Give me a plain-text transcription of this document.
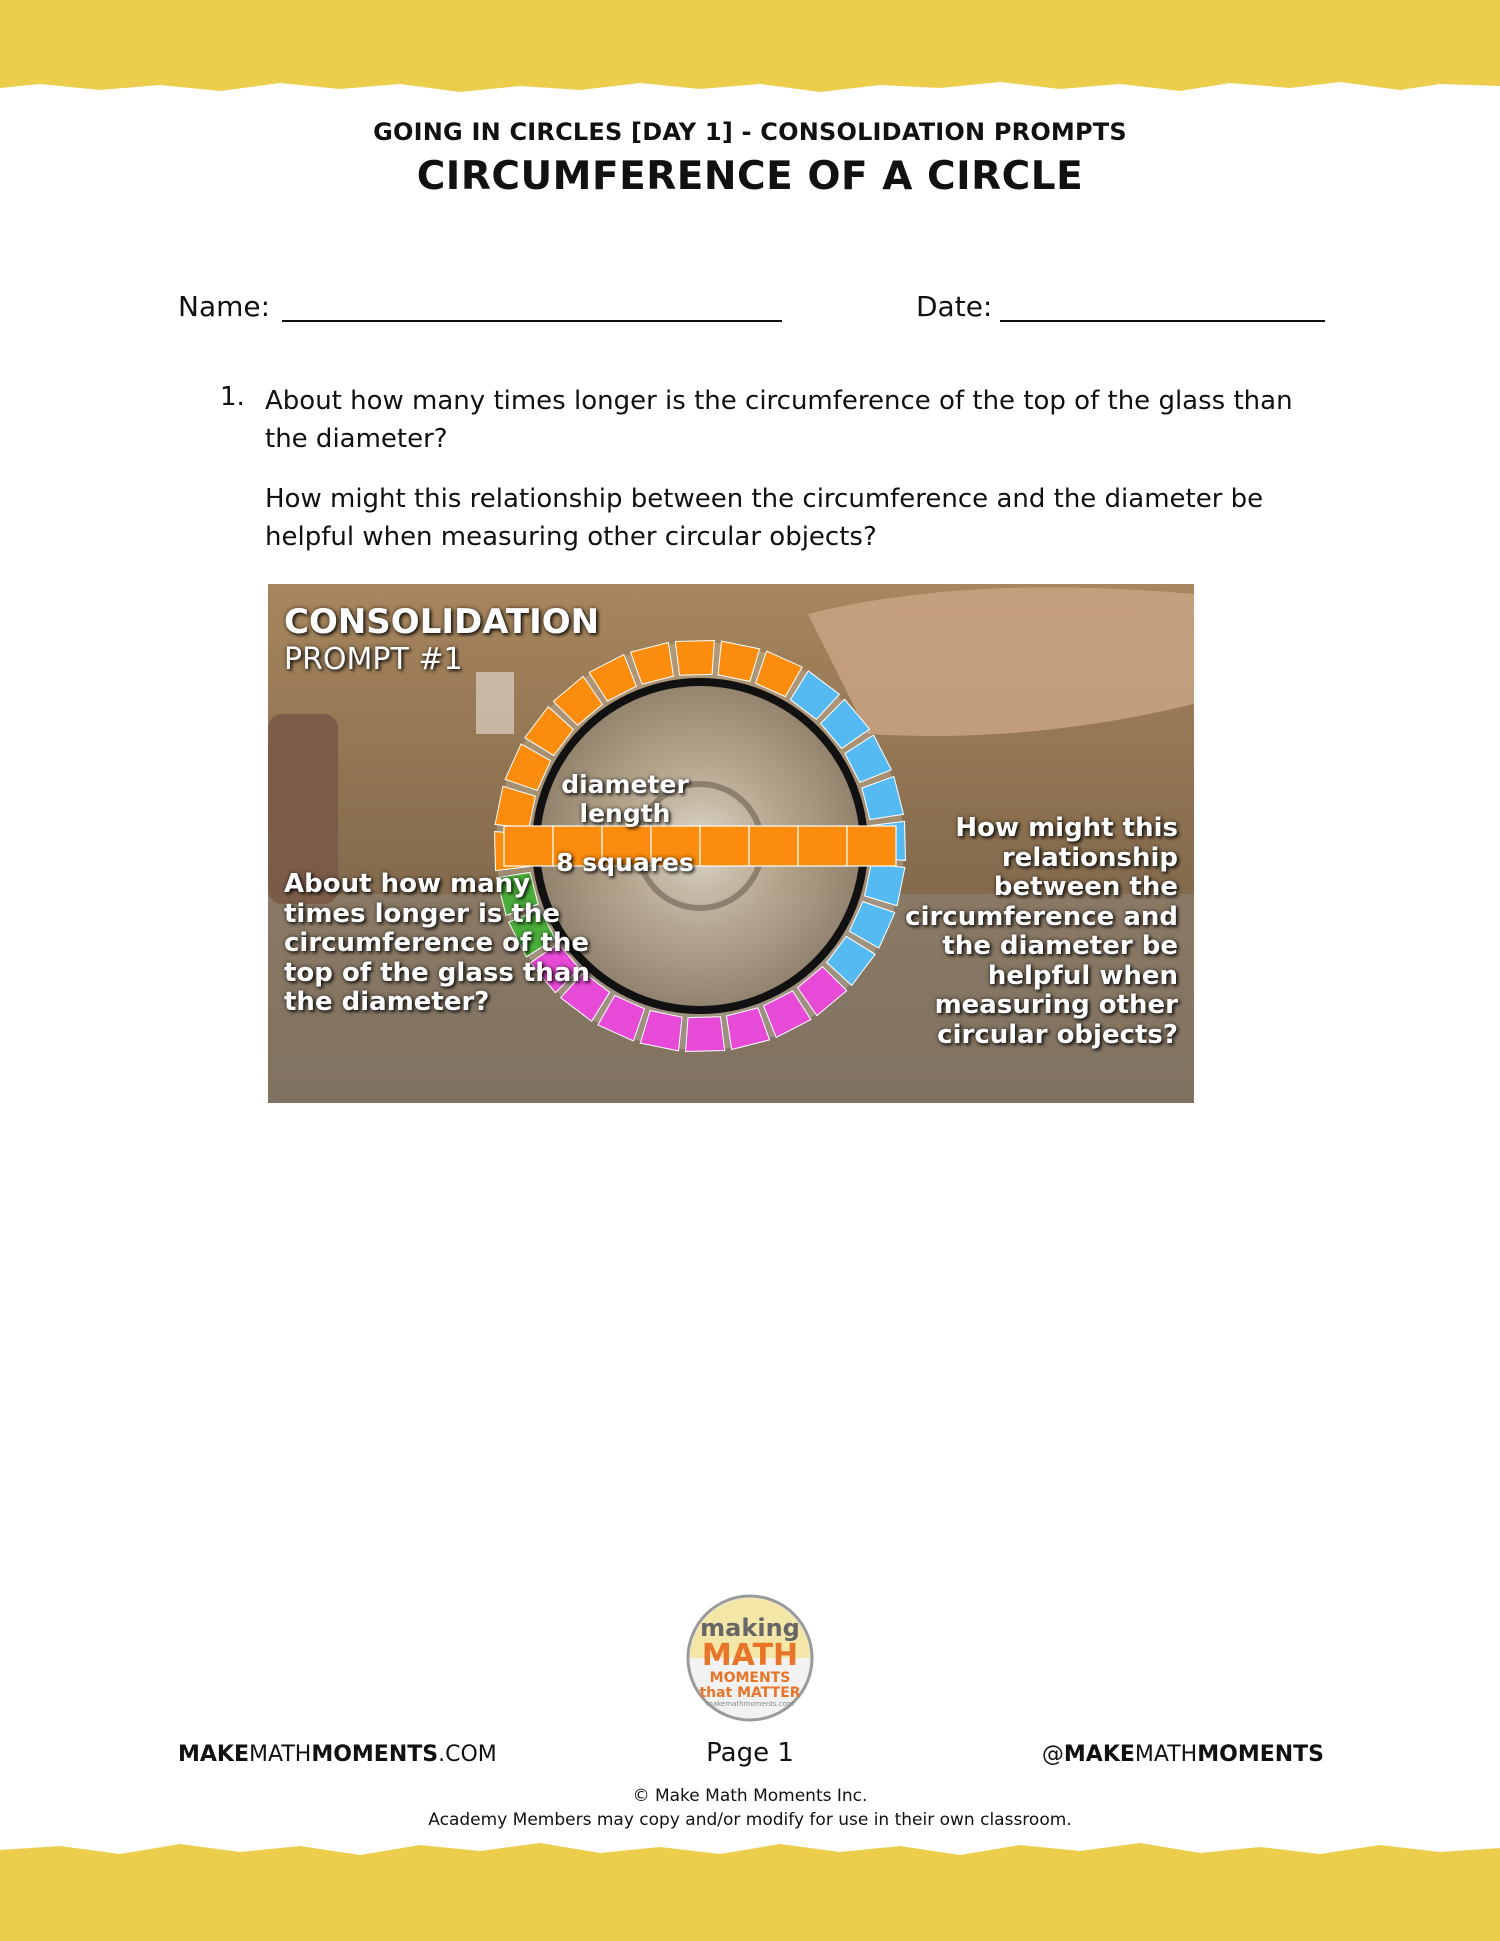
GOING IN CIRCLES [DAY 1] - CONSOLIDATION PROMPTS
CIRCUMFERENCE OF A CIRCLE
Name:	Date:
1. About how many times longer is the circumference of the top of the glass than the diameter?
How might this relationship between the circumference and the diameter be helpful when measuring other circular objects?
CONSOLIDATION
PROMPT #1
diameter length
8 squares
About how many times longer is the circumference of the top of the glass than the diameter?
How might this relationship between the circumference and the diameter be helpful when measuring other circular objects?
making
MATH
MOMENTS
that MATTER
makemathmoments.com
MAKEMATHMOMENTS.COM	Page 1	@MAKEMATHMOMENTS
© Make Math Moments Inc.
Academy Members may copy and/or modify for use in their own classroom.
